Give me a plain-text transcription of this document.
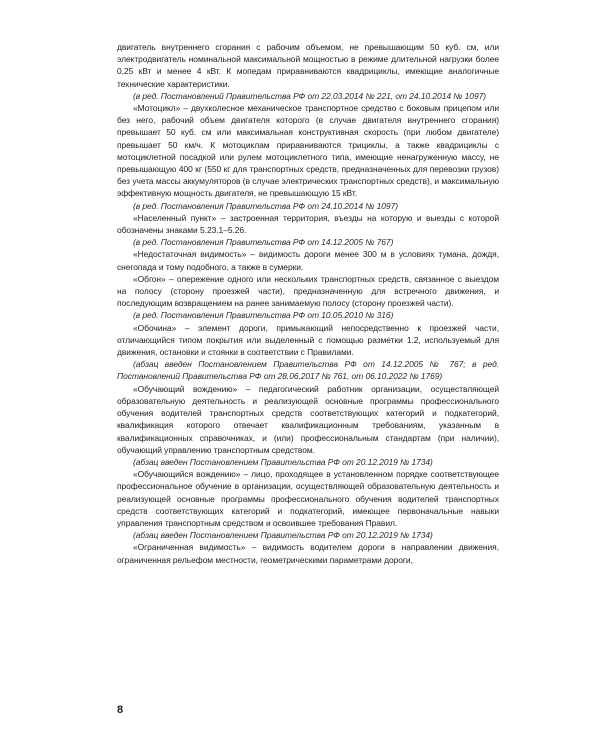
двигатель внутреннего сгорания с рабочим объемом, не превышающим 50 куб. см, или электродвигатель номинальной максимальной мощностью в режиме длительной нагрузки более 0,25 кВт и менее 4 кВт. К мопедам приравниваются квадрициклы, имеющие аналогичные технические характеристики.

(в ред. Постановлений Правительства РФ от 22.03.2014 № 221, от 24.10.2014 № 1097)

«Мотоцикл» – двухколесное механическое транспортное средство с боковым прицепом или без него, рабочий объем двигателя которого (в случае двигателя внутреннего сгорания) превышает 50 куб. см или максимальная конструктивная скорость (при любом двигателе) превышает 50 км/ч. К мотоциклам приравниваются трициклы, а также квадрициклы с мотоциклетной посадкой или рулем мотоциклетного типа, имеющие ненагруженную массу, не превышающую 400 кг (550 кг для транспортных средств, предназначенных для перевозки грузов) без учета массы аккумуляторов (в случае электрических транспортных средств), и максимальную эффективную мощность двигателя, не превышающую 15 кВт.

(в ред. Постановления Правительства РФ от 24.10.2014 № 1097)

«Населенный пункт» – застроенная территория, въезды на которую и выезды с которой обозначены знаками 5.23.1–5.26.

(в ред. Постановления Правительства РФ от 14.12.2005 № 767)

«Недостаточная видимость» – видимость дороги менее 300 м в условиях тумана, дождя, снегопада и тому подобного, а также в сумерки.

«Обгон» – опережение одного или нескольких транспортных средств, связанное с выездом на полосу (сторону проезжей части), предназначенную для встречного движения, и последующим возвращением на ранее занимаемую полосу (сторону проезжей части).

(в ред. Постановления Правительства РФ от 10.05.2010 № 316)

«Обочина» – элемент дороги, примыкающий непосредственно к проезжей части, отличающийся типом покрытия или выделенный с помощью разметки 1.2, используемый для движения, остановки и стоянки в соответствии с Правилами.

(абзац введен Постановлением Правительства РФ от 14.12.2005 № 767; в ред. Постановлений Правительства РФ от 28.06.2017 № 761, от 06.10.2022 № 1769)

«Обучающий вождению» – педагогический работник организации, осуществляющей образовательную деятельность и реализующей основные программы профессионального обучения водителей транспортных средств соответствующих категорий и подкатегорий, квалификация которого отвечает квалификационным требованиям, указанным в квалификационных справочниках, и (или) профессиональным стандартам (при наличии), обучающий управлению транспортным средством.

(абзац введен Постановлением Правительства РФ от 20.12.2019 № 1734)

«Обучающийся вождению» – лицо, проходящее в установленном порядке соответствующее профессиональное обучение в организации, осуществляющей образовательную деятельность и реализующей основные программы профессионального обучения водителей транспортных средств соответствующих категорий и подкатегорий, имеющее первоначальные навыки управления транспортным средством и освоившее требования Правил.

(абзац введен Постановлением Правительства РФ от 20.12.2019 № 1734)

«Ограниченная видимость» – видимость водителем дороги в направлении движения, ограниченная рельефом местности, геометрическими параметрами дороги,

8
